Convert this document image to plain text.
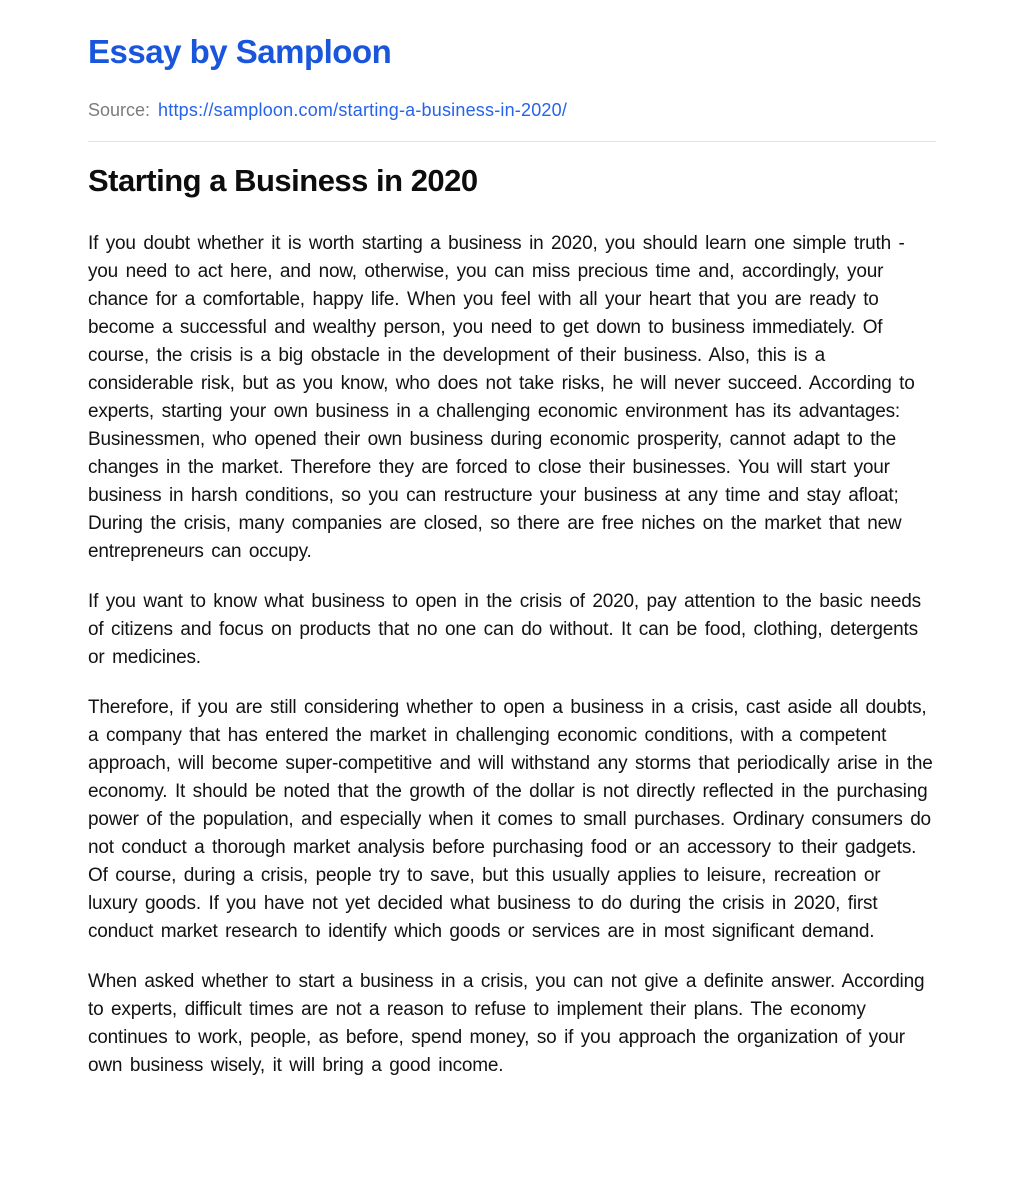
Essay by Samploon
Source: https://samploon.com/starting-a-business-in-2020/
Starting a Business in 2020

If you doubt whether it is worth starting a business in 2020, you should learn one simple truth - you need to act here, and now, otherwise, you can miss precious time and, accordingly, your chance for a comfortable, happy life. When you feel with all your heart that you are ready to become a successful and wealthy person, you need to get down to business immediately. Of course, the crisis is a big obstacle in the development of their business. Also, this is a considerable risk, but as you know, who does not take risks, he will never succeed. According to experts, starting your own business in a challenging economic environment has its advantages: Businessmen, who opened their own business during economic prosperity, cannot adapt to the changes in the market. Therefore they are forced to close their businesses. You will start your business in harsh conditions, so you can restructure your business at any time and stay afloat; During the crisis, many companies are closed, so there are free niches on the market that new entrepreneurs can occupy.

If you want to know what business to open in the crisis of 2020, pay attention to the basic needs of citizens and focus on products that no one can do without. It can be food, clothing, detergents or medicines.

Therefore, if you are still considering whether to open a business in a crisis, cast aside all doubts, a company that has entered the market in challenging economic conditions, with a competent approach, will become super-competitive and will withstand any storms that periodically arise in the economy. It should be noted that the growth of the dollar is not directly reflected in the purchasing power of the population, and especially when it comes to small purchases. Ordinary consumers do not conduct a thorough market analysis before purchasing food or an accessory to their gadgets. Of course, during a crisis, people try to save, but this usually applies to leisure, recreation or luxury goods. If you have not yet decided what business to do during the crisis in 2020, first conduct market research to identify which goods or services are in most significant demand.

When asked whether to start a business in a crisis, you can not give a definite answer. According to experts, difficult times are not a reason to refuse to implement their plans. The economy continues to work, people, as before, spend money, so if you approach the organization of your own business wisely, it will bring a good income.
